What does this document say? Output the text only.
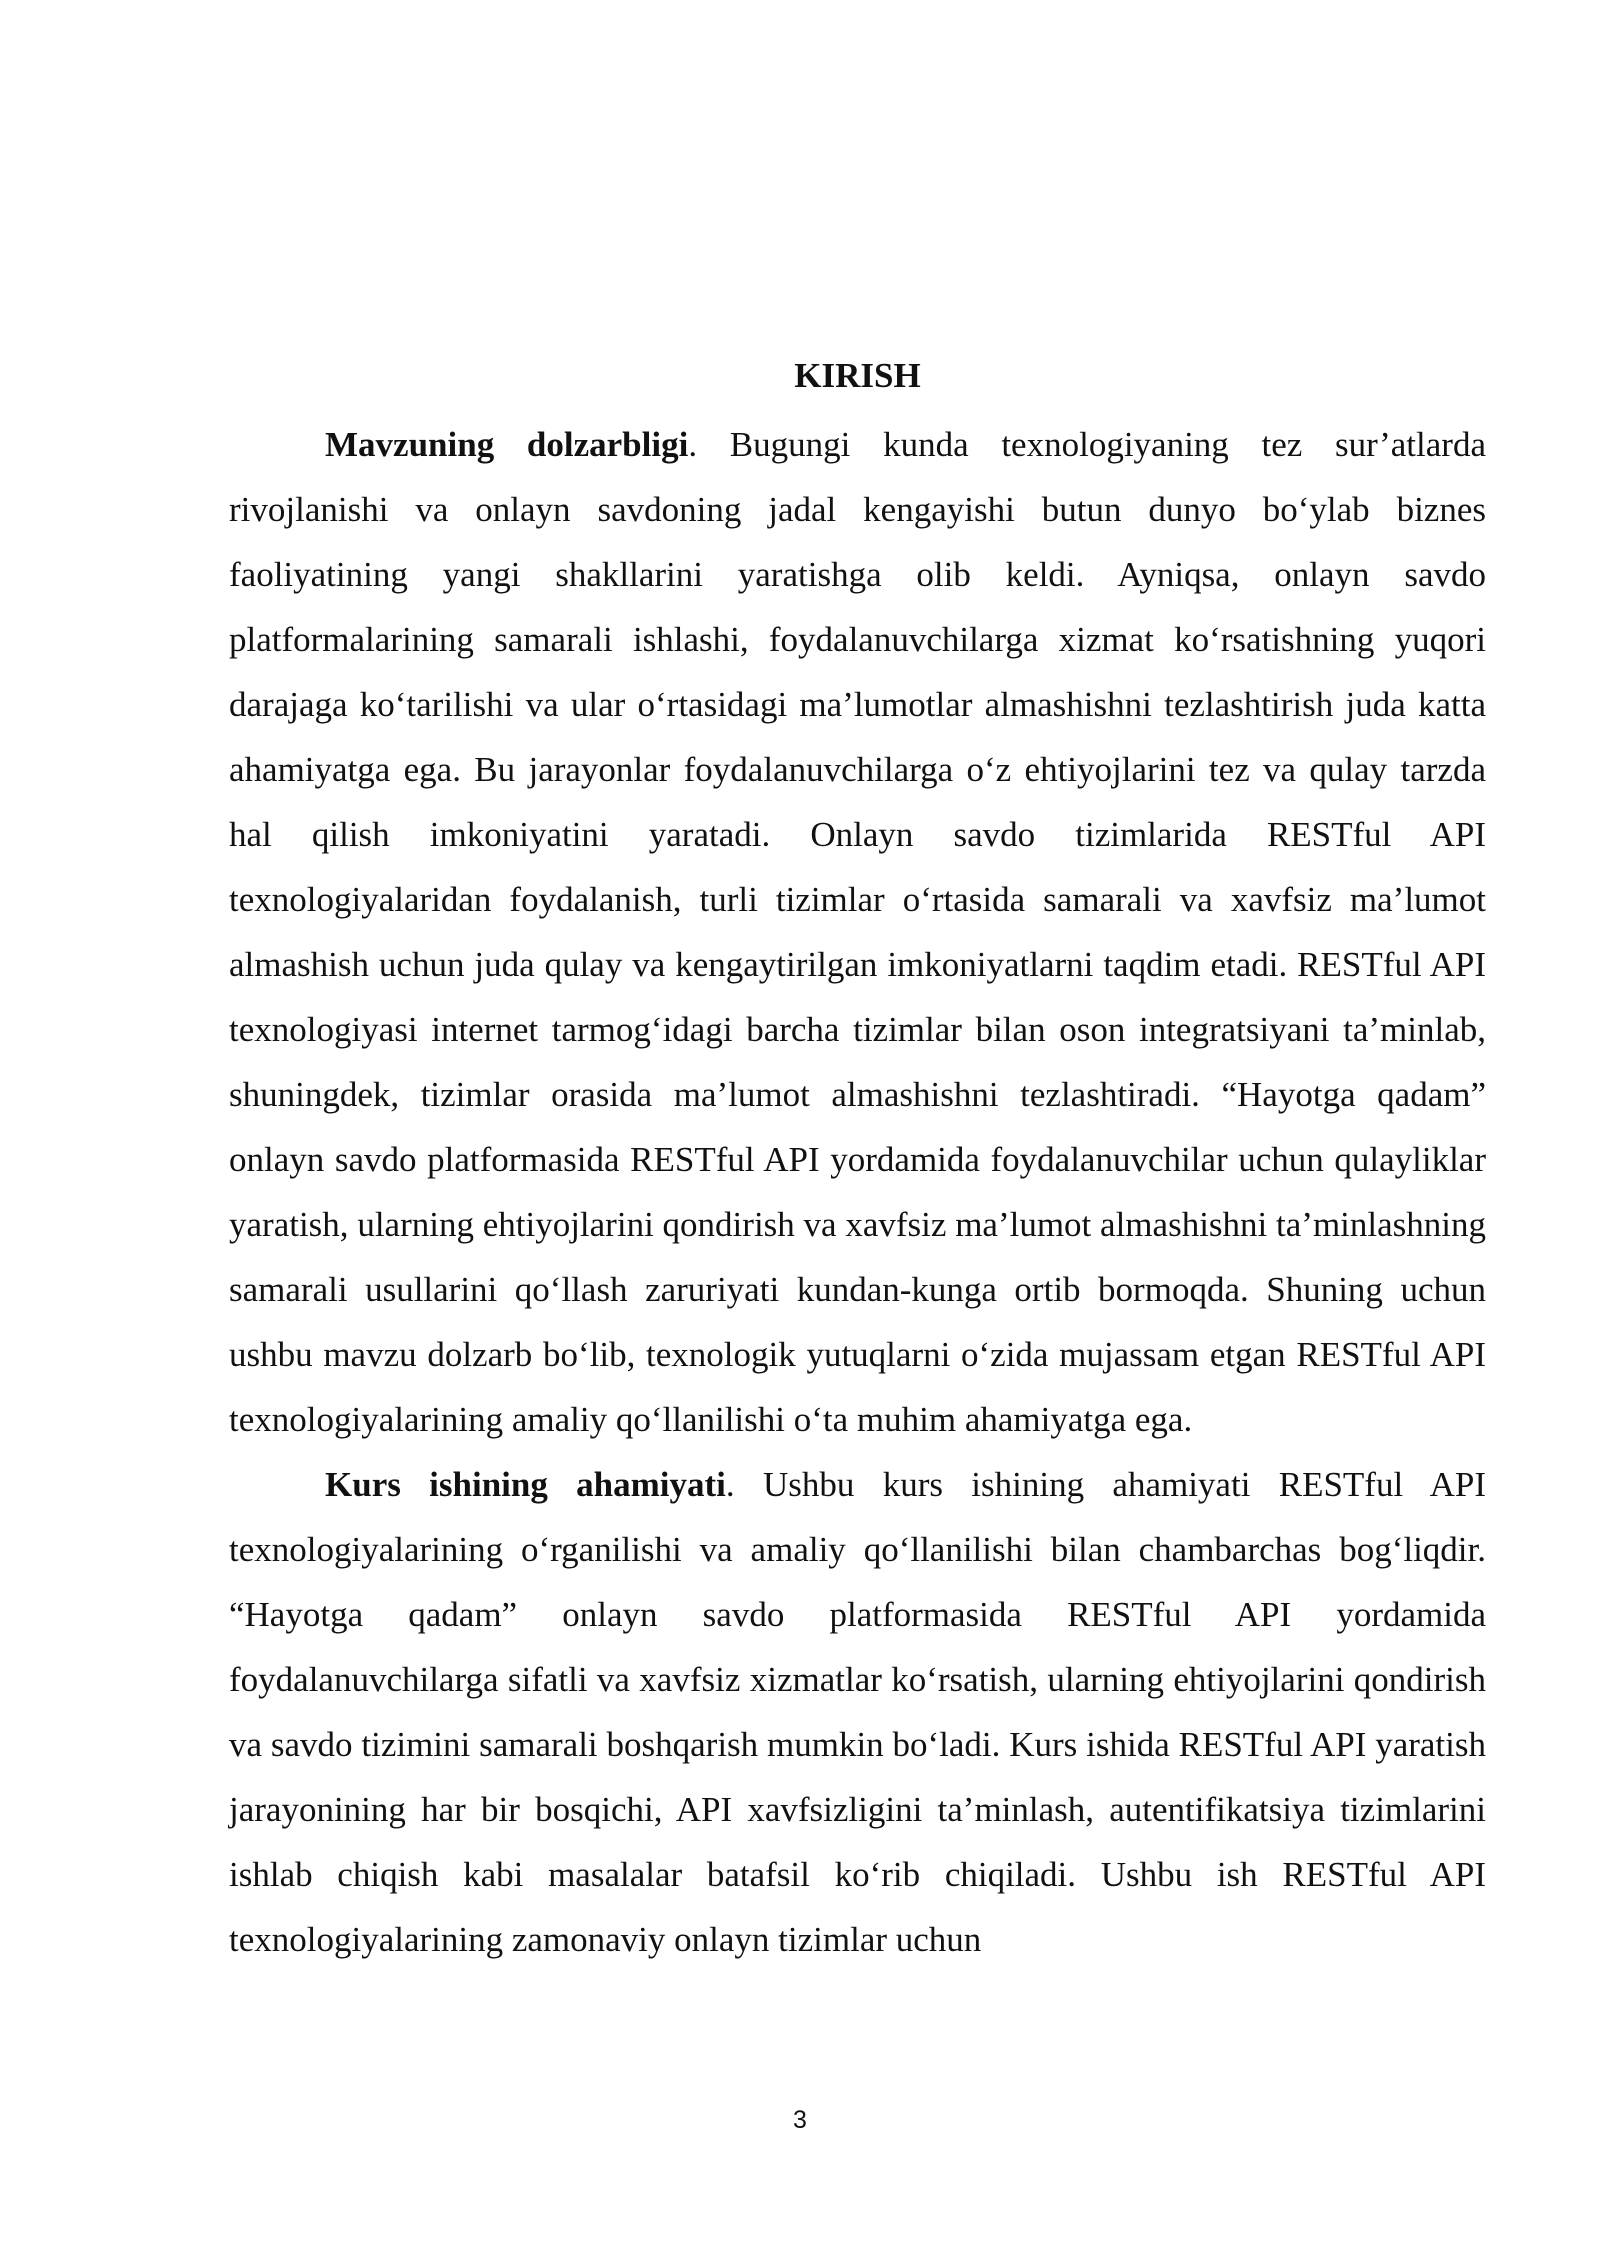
KIRISH

Mavzuning dolzarbligi. Bugungi kunda texnologiyaning tez sur’atlarda rivojlanishi va onlayn savdoning jadal kengayishi butun dunyo bo‘ylab biznes faoliyatining yangi shakllarini yaratishga olib keldi. Ayniqsa, onlayn savdo platformalarining samarali ishlashi, foydalanuvchilarga xizmat ko‘rsatishning yuqori darajaga ko‘tarilishi va ular o‘rtasidagi ma’lumotlar almashishni tezlashtirish juda katta ahamiyatga ega. Bu jarayonlar foydalanuvchilarga o‘z ehtiyojlarini tez va qulay tarzda hal qilish imkoniyatini yaratadi. Onlayn savdo tizimlarida RESTful API texnologiyalaridan foydalanish, turli tizimlar o‘rtasida samarali va xavfsiz ma’lumot almashish uchun juda qulay va kengaytirilgan imkoniyatlarni taqdim etadi. RESTful API texnologiyasi internet tarmog‘idagi barcha tizimlar bilan oson integratsiyani ta’minlab, shuningdek, tizimlar orasida ma’lumot almashishni tezlashtiradi. “Hayotga qadam” onlayn savdo platformasida RESTful API yordamida foydalanuvchilar uchun qulayliklar yaratish, ularning ehtiyojlarini qondirish va xavfsiz ma’lumot almashishni ta’minlashning samarali usullarini qo‘llash zaruriyati kundan-kunga ortib bormoqda. Shuning uchun ushbu mavzu dolzarb bo‘lib, texnologik yutuqlarni o‘zida mujassam etgan RESTful API texnologiyalarining amaliy qo‘llanilishi o‘ta muhim ahamiyatga ega.

Kurs ishining ahamiyati. Ushbu kurs ishining ahamiyati RESTful API texnologiyalarining o‘rganilishi va amaliy qo‘llanilishi bilan chambarchas bog‘liqdir. “Hayotga qadam” onlayn savdo platformasida RESTful API yordamida foydalanuvchilarga sifatli va xavfsiz xizmatlar ko‘rsatish, ularning ehtiyojlarini qondirish va savdo tizimini samarali boshqarish mumkin bo‘ladi. Kurs ishida RESTful API yaratish jarayonining har bir bosqichi, API xavfsizligini ta’minlash, autentifikatsiya tizimlarini ishlab chiqish kabi masalalar batafsil ko‘rib chiqiladi. Ushbu ish RESTful API texnologiyalarining zamonaviy onlayn tizimlar uchun

3
